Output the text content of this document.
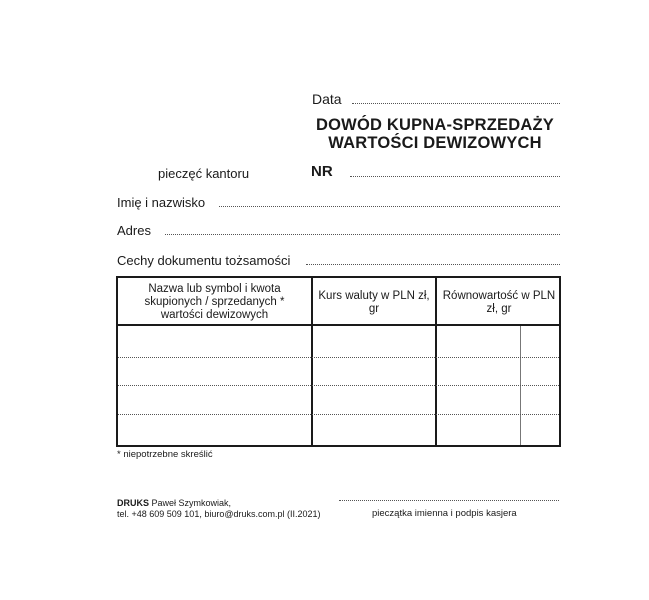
Data
DOWÓD KUPNA-SPRZEDAŻY
WARTOŚCI DEWIZOWYCH
pieczęć kantoru	NR
Imię i nazwisko
Adres
Cechy dokumentu tożsamości
Nazwa lub symbol i kwota skupionych / sprzedanych * wartości dewizowych
Kurs waluty w PLN zł, gr
Równowartość w PLN zł, gr
* niepotrzebne skreślić
DRUKS Paweł Szymkowiak,
tel. +48 609 509 101, biuro@druks.com.pl (II.2021)	pieczątka imienna i podpis kasjera
